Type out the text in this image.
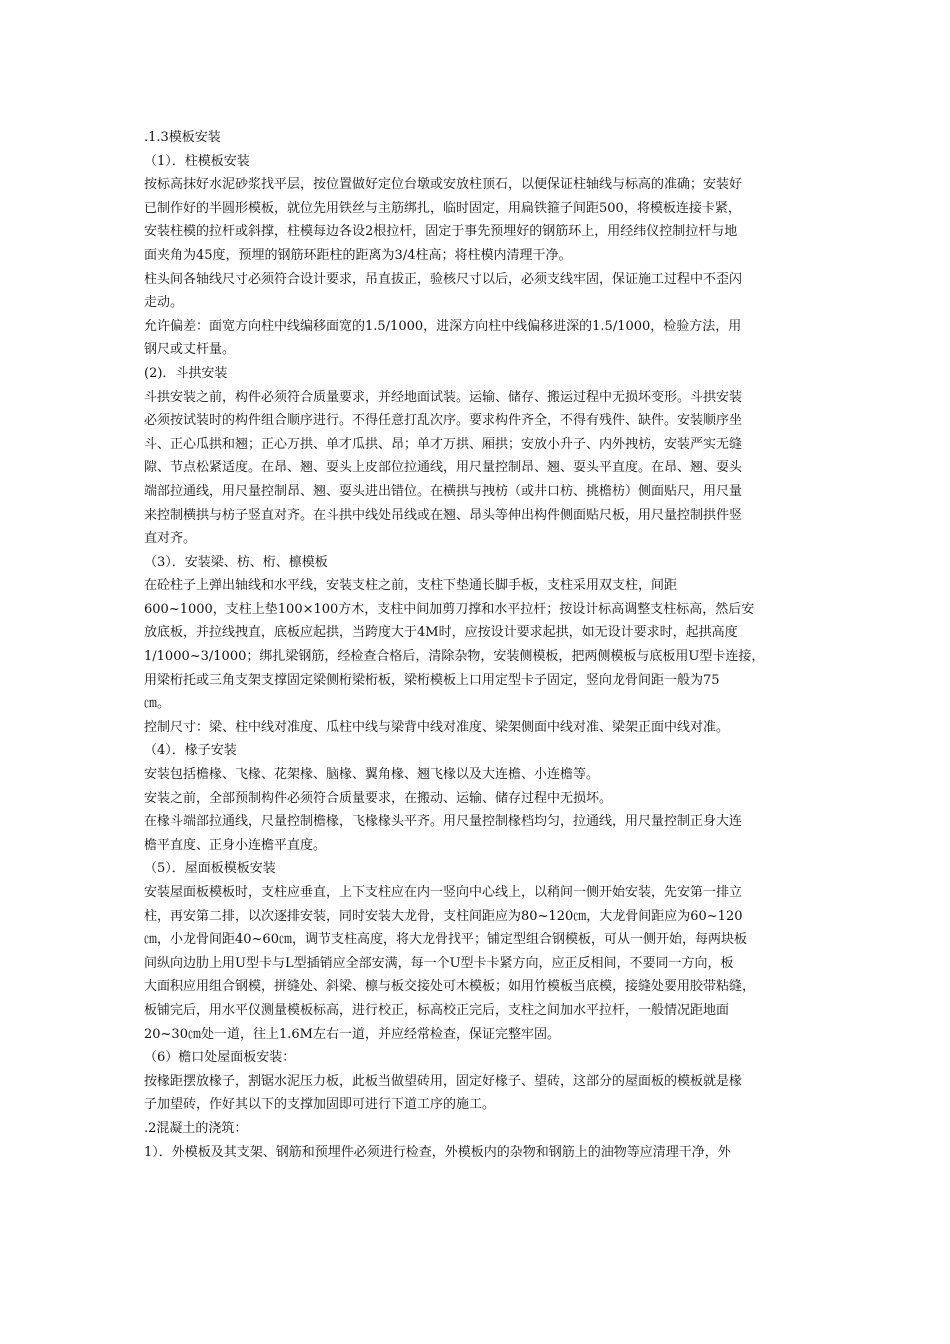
.1.3模板安装
（1）．柱模板安装
按标高抹好水泥砂浆找平层，按位置做好定位台墩或安放柱顶石，以便保证柱轴线与标高的准确；安装好
已制作好的半圆形模板，就位先用铁丝与主筋绑扎，临时固定，用扁铁箍子间距500，将模板连接卡紧，
安装柱模的拉杆或斜撑，柱模每边各设2根拉杆，固定于事先预埋好的钢筋环上，用经纬仪控制拉杆与地
面夹角为45度，预埋的钢筋环距柱的距离为3/4柱高；将柱模内清理干净。
柱头间各轴线尺寸必须符合设计要求，吊直拔正，验核尺寸以后，必须支线牢固，保证施工过程中不歪闪
走动。
允许偏差：面宽方向柱中线编移面宽的1.5/1000，进深方向柱中线偏移进深的1.5/1000，检验方法，用
钢尺或丈杆量。
(2)．斗拱安装
斗拱安装之前，构件必须符合质量要求，并经地面试装。运输、储存、搬运过程中无损坏变形。斗拱安装
必须按试装时的构件组合顺序进行。不得任意打乱次序。要求构件齐全，不得有残件、缺件。安装顺序坐
斗、正心瓜拱和翘；正心万拱、单才瓜拱、昂；单才万拱、厢拱；安放小升子、内外拽枋，安装严实无缝
隙、节点松紧适度。在昂、翘、耍头上皮部位拉通线，用尺量控制昂、翘、耍头平直度。在昂、翘、耍头
端部拉通线，用尺量控制昂、翘、耍头进出错位。在横拱与拽枋（或井口枋、挑檐枋）侧面贴尺，用尺量
来控制横拱与枋子竖直对齐。在斗拱中线处吊线或在翘、昂头等伸出构件侧面贴尺板，用尺量控制拱件竖
直对齐。
（3）．安装梁、枋、桁、檩模板
在砼柱子上弹出轴线和水平线，安装支柱之前，支柱下垫通长脚手板，支柱采用双支柱，间距
600~1000，支柱上垫100×100方木，支柱中间加剪刀撑和水平拉杆；按设计标高调整支柱标高，然后安
放底板，并拉线拽直，底板应起拱，当跨度大于4M时，应按设计要求起拱，如无设计要求时，起拱高度
1/1000~3/1000；绑扎梁钢筋，经检查合格后，清除杂物，安装侧模板，把两侧模板与底板用U型卡连接，
用梁桁托或三角支架支撑固定梁侧桁梁桁板，梁桁模板上口用定型卡子固定，竖向龙骨间距一般为75
㎝。
控制尺寸：梁、柱中线对准度、瓜柱中线与梁背中线对准度、梁架侧面中线对准、梁架正面中线对准。
（4）．椽子安装
安装包括檐椽、飞椽、花架椽、脑椽、翼角椽、翘飞椽以及大连檐、小连檐等。
安装之前，全部预制构件必须符合质量要求，在搬动、运输、储存过程中无损坏。
在椽斗端部拉通线，尺量控制檐椽，飞椽椽头平齐。用尺量控制椽档均匀，拉通线，用尺量控制正身大连
檐平直度、正身小连檐平直度。
（5）．屋面板模板安装
安装屋面板模板时，支柱应垂直，上下支柱应在内一竖向中心线上，以稍间一侧开始安装，先安第一排立
柱，再安第二排，以次逐排安装，同时安装大龙骨，支柱间距应为80~120㎝，大龙骨间距应为60~120
㎝，小龙骨间距40~60㎝，调节支柱高度，将大龙骨找平；铺定型组合钢模板，可从一侧开始，每两块板
间纵向边肋上用U型卡与L型插销应全部安满，每一个U型卡卡紧方向，应正反相间，不要同一方向，板
大面积应用组合钢模，拼缝处、斜梁、檩与板交接处可木模板；如用竹模板当底模，接缝处要用胶带粘缝，
板铺完后，用水平仪测量模板标高，进行校正，标高校正完后，支柱之间加水平拉杆，一般情况距地面
20~30㎝处一道，往上1.6M左右一道，并应经常检查，保证完整牢固。
（6）檐口处屋面板安装：
按椽距摆放椽子，割锯水泥压力板，此板当做望砖用，固定好椽子、望砖，这部分的屋面板的模板就是椽
子加望砖，作好其以下的支撑加固即可进行下道工序的施工。
.2混凝土的浇筑：
1）．外模板及其支架、钢筋和预埋件必须进行检查，外模板内的杂物和钢筋上的油物等应清理干净，外
